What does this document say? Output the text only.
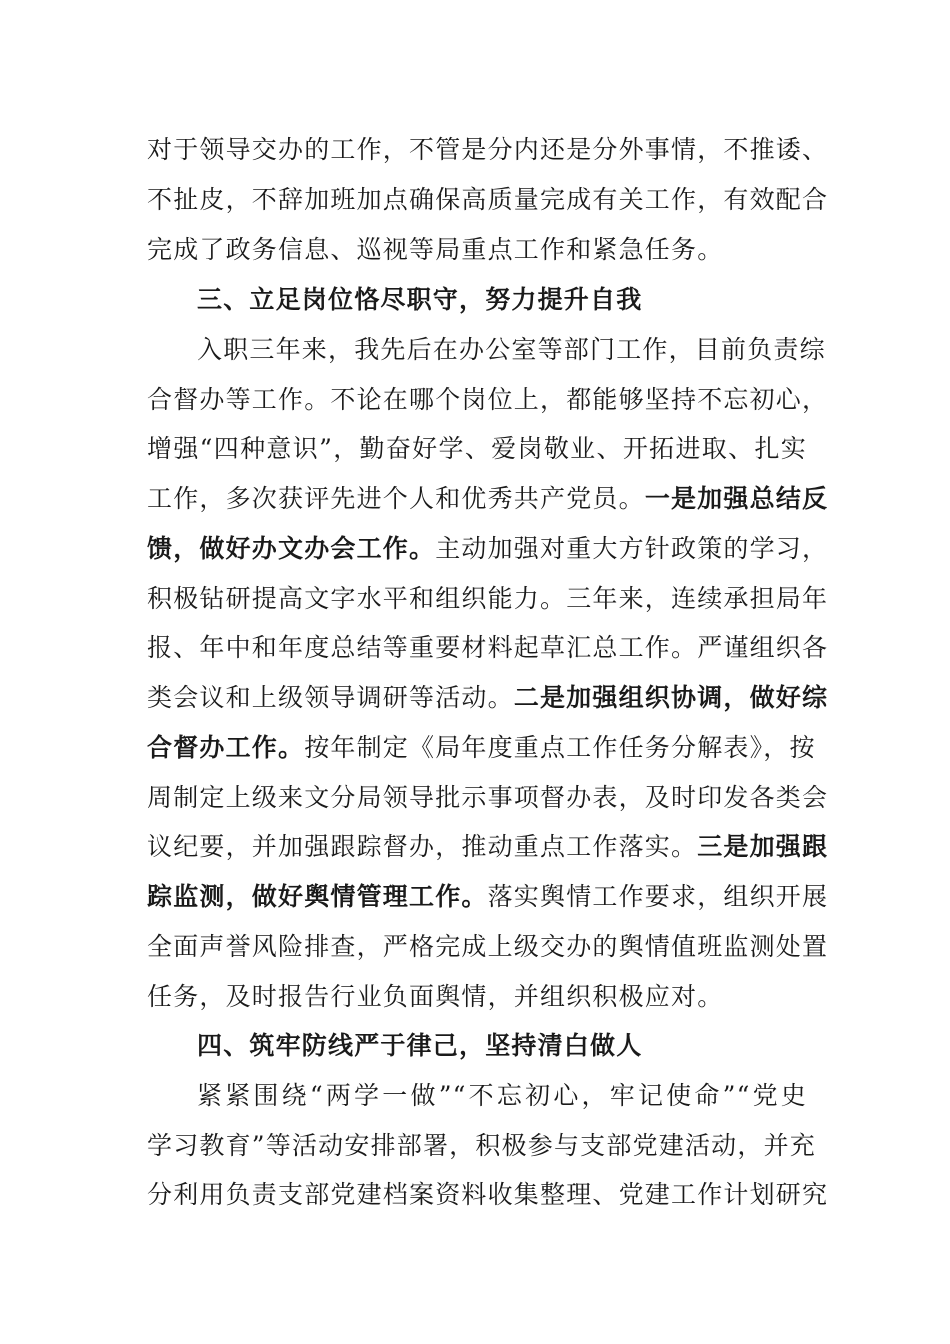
对于领导交办的工作，不管是分内还是分外事情，不推诿、
不扯皮，不辞加班加点确保高质量完成有关工作，有效配合
完成了政务信息、巡视等局重点工作和紧急任务。
三、立足岗位恪尽职守，努力提升自我
入职三年来，我先后在办公室等部门工作，目前负责综
合督办等工作。不论在哪个岗位上，都能够坚持不忘初心，
增强“四种意识”，勤奋好学、爱岗敬业、开拓进取、扎实
工作，多次获评先进个人和优秀共产党员。一是加强总结反
馈，做好办文办会工作。主动加强对重大方针政策的学习，
积极钻研提高文字水平和组织能力。三年来，连续承担局年
报、年中和年度总结等重要材料起草汇总工作。严谨组织各
类会议和上级领导调研等活动。二是加强组织协调，做好综
合督办工作。按年制定《局年度重点工作任务分解表》，按
周制定上级来文分局领导批示事项督办表，及时印发各类会
议纪要，并加强跟踪督办，推动重点工作落实。三是加强跟
踪监测，做好舆情管理工作。落实舆情工作要求，组织开展
全面声誉风险排查，严格完成上级交办的舆情值班监测处置
任务，及时报告行业负面舆情，并组织积极应对。
四、筑牢防线严于律己，坚持清白做人
紧紧围绕“两学一做”“不忘初心，牢记使命”“党史
学习教育”等活动安排部署，积极参与支部党建活动，并充
分利用负责支部党建档案资料收集整理、党建工作计划研究
